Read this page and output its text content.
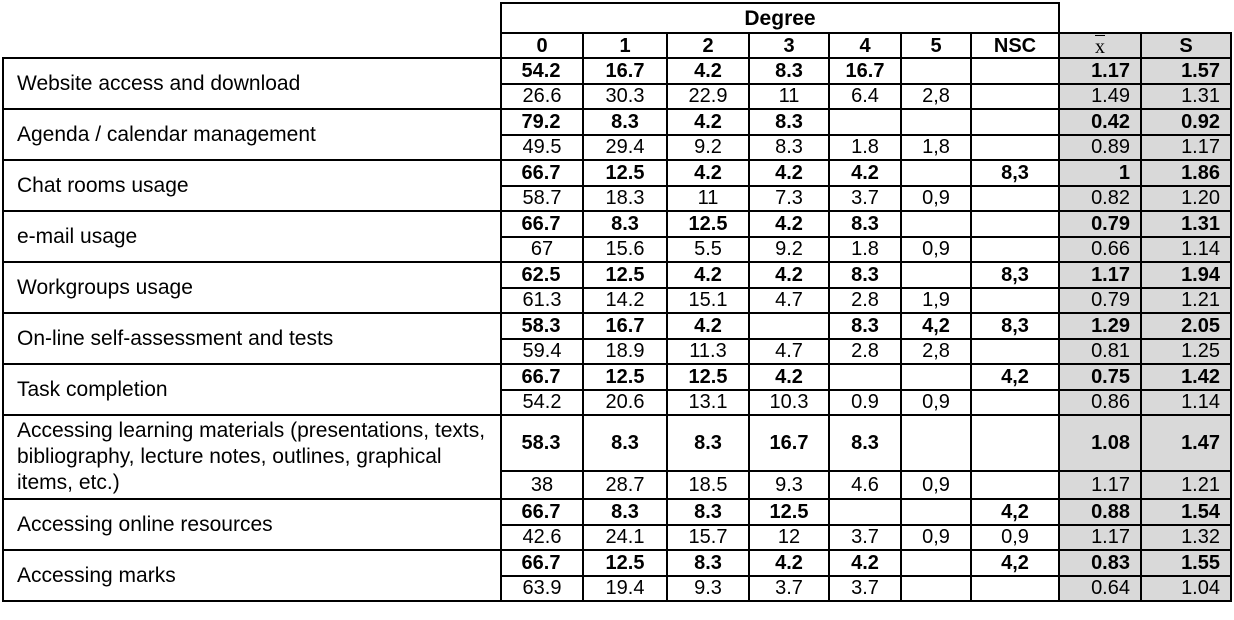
	Degree								
	0	1	2	3	4	5	NSC	x	S
Website access and download	54.2	16.7	4.2	8.3	16.7			1.17	1.57
	26.6	30.3	22.9	11	6.4	2,8		1.49	1.31
Agenda / calendar management	79.2	8.3	4.2	8.3				0.42	0.92
	49.5	29.4	9.2	8.3	1.8	1,8		0.89	1.17
Chat rooms usage	66.7	12.5	4.2	4.2	4.2		8,3	1	1.86
	58.7	18.3	11	7.3	3.7	0,9		0.82	1.20
e-mail usage	66.7	8.3	12.5	4.2	8.3			0.79	1.31
	67	15.6	5.5	9.2	1.8	0,9		0.66	1.14
Workgroups usage	62.5	12.5	4.2	4.2	8.3		8,3	1.17	1.94
	61.3	14.2	15.1	4.7	2.8	1,9		0.79	1.21
On-line self-assessment and tests	58.3	16.7	4.2		8.3	4,2	8,3	1.29	2.05
	59.4	18.9	11.3	4.7	2.8	2,8		0.81	1.25
Task completion	66.7	12.5	12.5	4.2			4,2	0.75	1.42
	54.2	20.6	13.1	10.3	0.9	0,9		0.86	1.14
Accessing learning materials (presentations, texts, bibliography, lecture notes, outlines, graphical items, etc.)	58.3	8.3	8.3	16.7	8.3			1.08	1.47
	38	28.7	18.5	9.3	4.6	0,9		1.17	1.21
Accessing online resources	66.7	8.3	8.3	12.5			4,2	0.88	1.54
	42.6	24.1	15.7	12	3.7	0,9	0,9	1.17	1.32
Accessing marks	66.7	12.5	8.3	4.2	4.2		4,2	0.83	1.55
	63.9	19.4	9.3	3.7	3.7			0.64	1.04
